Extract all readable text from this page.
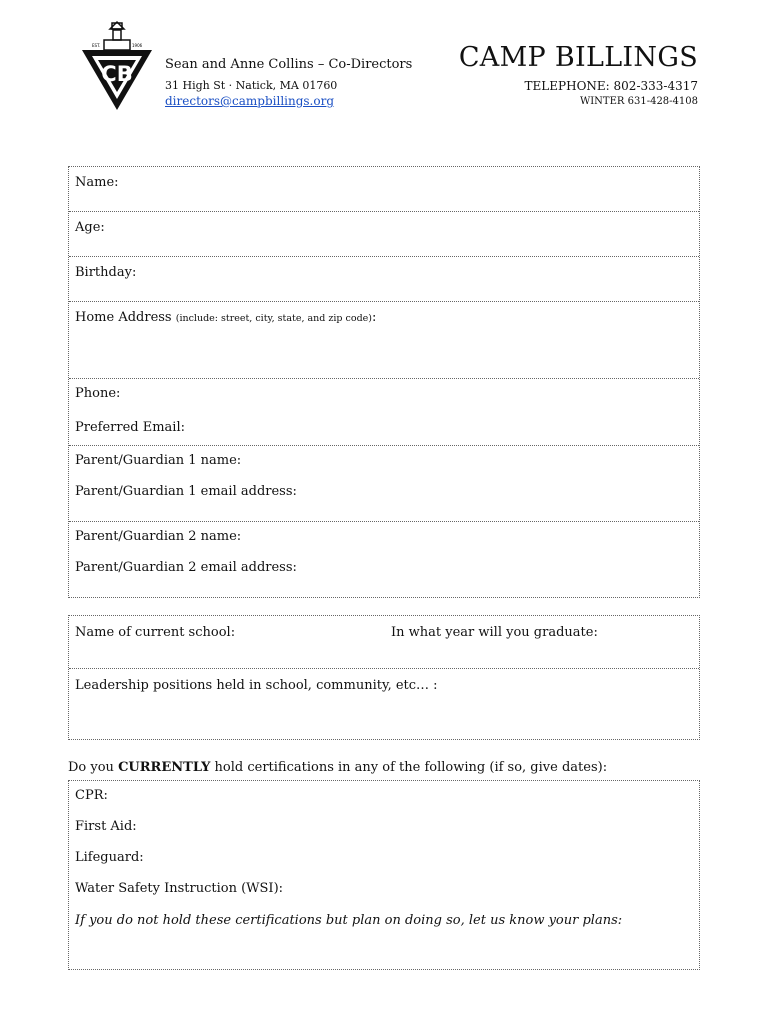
EST.	1906
CB Sean and Anne Collins – Co-Directors
31 High St · Natick, MA 01760
directors@campbillings.org
CAMP BILLINGS
TELEPHONE: 802-333-4317
WINTER 631-428-4108
Name:
Age:
Birthday:
Home Address (include: street, city, state, and zip code):
Phone:
Preferred Email:
Parent/Guardian 1 name:
Parent/Guardian 1 email address:
Parent/Guardian 2 name:
Parent/Guardian 2 email address:
Name of current school:	In what year will you graduate:
Leadership positions held in school, community, etc… :
Do you CURRENTLY hold certifications in any of the following (if so, give dates):
CPR:
First Aid:
Lifeguard:
Water Safety Instruction (WSI):
If you do not hold these certifications but plan on doing so, let us know your plans:
